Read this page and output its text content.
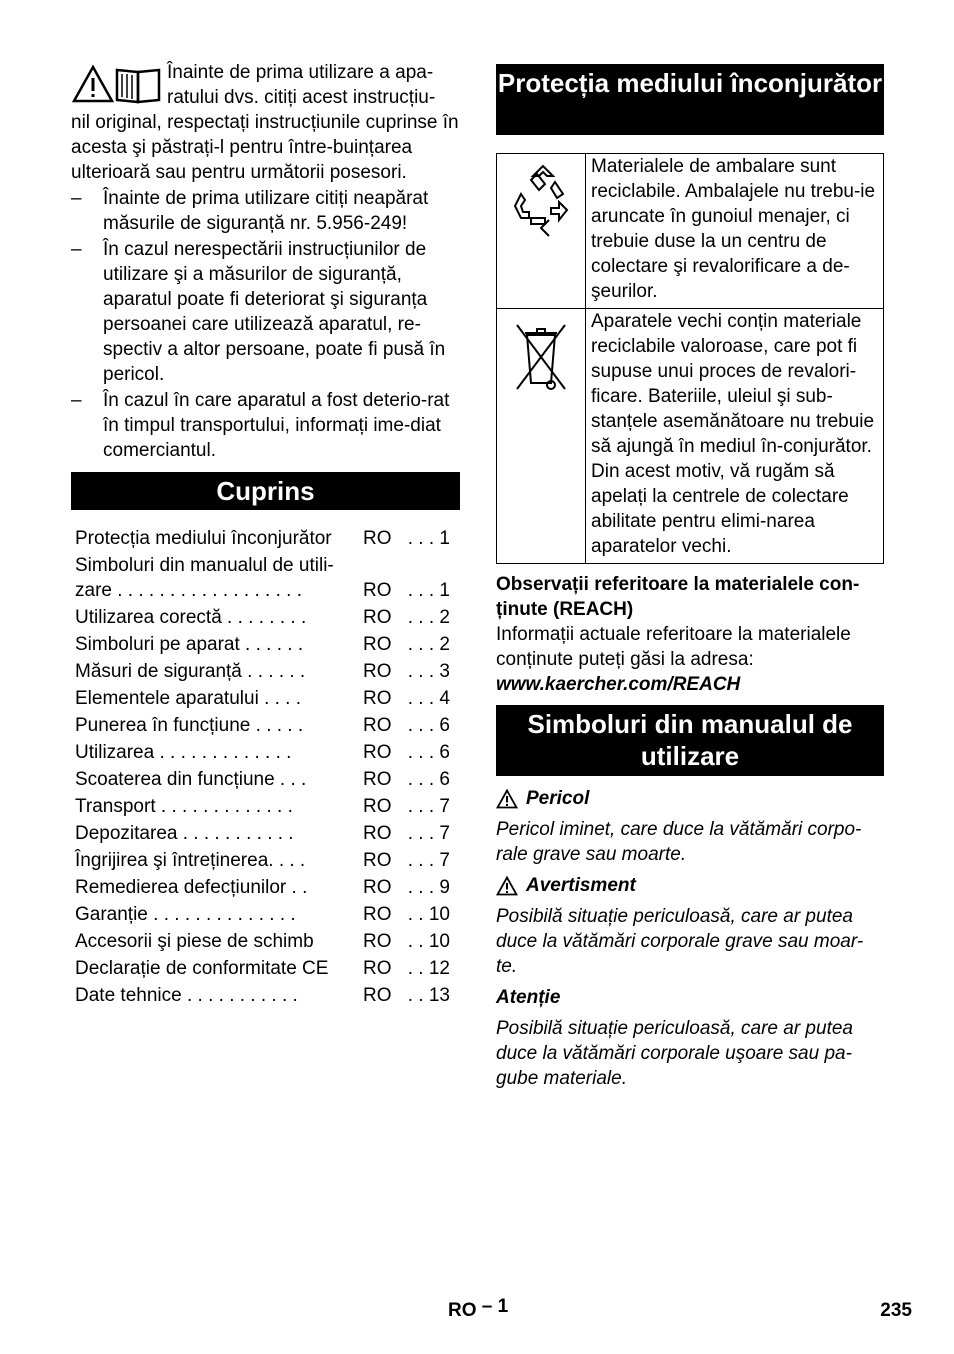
Înainte de prima utilizare a apa-

ratului dvs. citiți acest instrucțiu-

nil original, respectați instrucțiunile cuprinse în acesta şi păstrați-l pentru între-buințarea ulterioară sau pentru următorii posesori.

– Înainte de prima utilizare citiți neapărat măsurile de siguranță nr. 5.956-249!
– În cazul nerespectării instrucțiunilor de utilizare şi a măsurilor de siguranță, aparatul poate fi deteriorat şi siguranța persoanei care utilizează aparatul, re-spectiv a altor persoane, poate fi pusă în pericol.
– În cazul în care aparatul a fost deterio-rat în timpul transportului, informați ime-diat comerciantul.
Cuprins
Protecția mediului înconjurător	RO	. . . 1
Simboluri din manualul de utili-zare . . . . . . . . . . . . . . . . . .	RO	. . . 1
Utilizarea corectă . . . . . . . .	RO	. . . 2
Simboluri pe aparat . . . . . .	RO	. . . 2
Măsuri de siguranță . . . . . .	RO	. . . 3
Elementele aparatului . . . .	RO	. . . 4
Punerea în funcțiune . . . . .	RO	. . . 6
Utilizarea . . . . . . . . . . . . .	RO	. . . 6
Scoaterea din funcțiune . . .	RO	. . . 6
Transport . . . . . . . . . . . . .	RO	. . . 7
Depozitarea . . . . . . . . . . .	RO	. . . 7
Îngrijirea şi întreținerea. . . .	RO	. . . 7
Remedierea defecțiunilor . .	RO	. . . 9
Garanție . . . . . . . . . . . . . .	RO	. . 10
Accesorii şi piese de schimb	RO	. . 10
Declarație de conformitate CE	RO	. . 12
Date tehnice . . . . . . . . . . .	RO	. . 13
Protecția mediului înconjurător
	Materialele de ambalare sunt reciclabile. Ambalajele nu trebu-ie aruncate în gunoiul menajer, ci trebuie duse la un centru de colectare şi revalorificare a de-şeurilor.
	Aparatele vechi conțin materiale reciclabile valoroase, care pot fi supuse unui proces de revalori-ficare. Bateriile, uleiul şi sub-stanțele asemănătoare nu trebuie să ajungă în mediul în-conjurător. Din acest motiv, vă rugăm să apelați la centrele de colectare abilitate pentru elimi-narea aparatelor vechi.
Observații referitoare la materialele con-ținute (REACH)
Informații actuale referitoare la materialele conținute puteți găsi la adresa:
www.kaercher.com/REACH
Simboluri din manualul de utilizare
Pericol
Pericol iminet, care duce la vătămări corpo-rale grave sau moarte.
Avertisment
Posibilă situație periculoasă, care ar putea duce la vătămări corporale grave sau moar-te.
Atenție
Posibilă situație periculoasă, care ar putea duce la vătămări corporale uşoare sau pa-gube materiale.
RO – 1	235
